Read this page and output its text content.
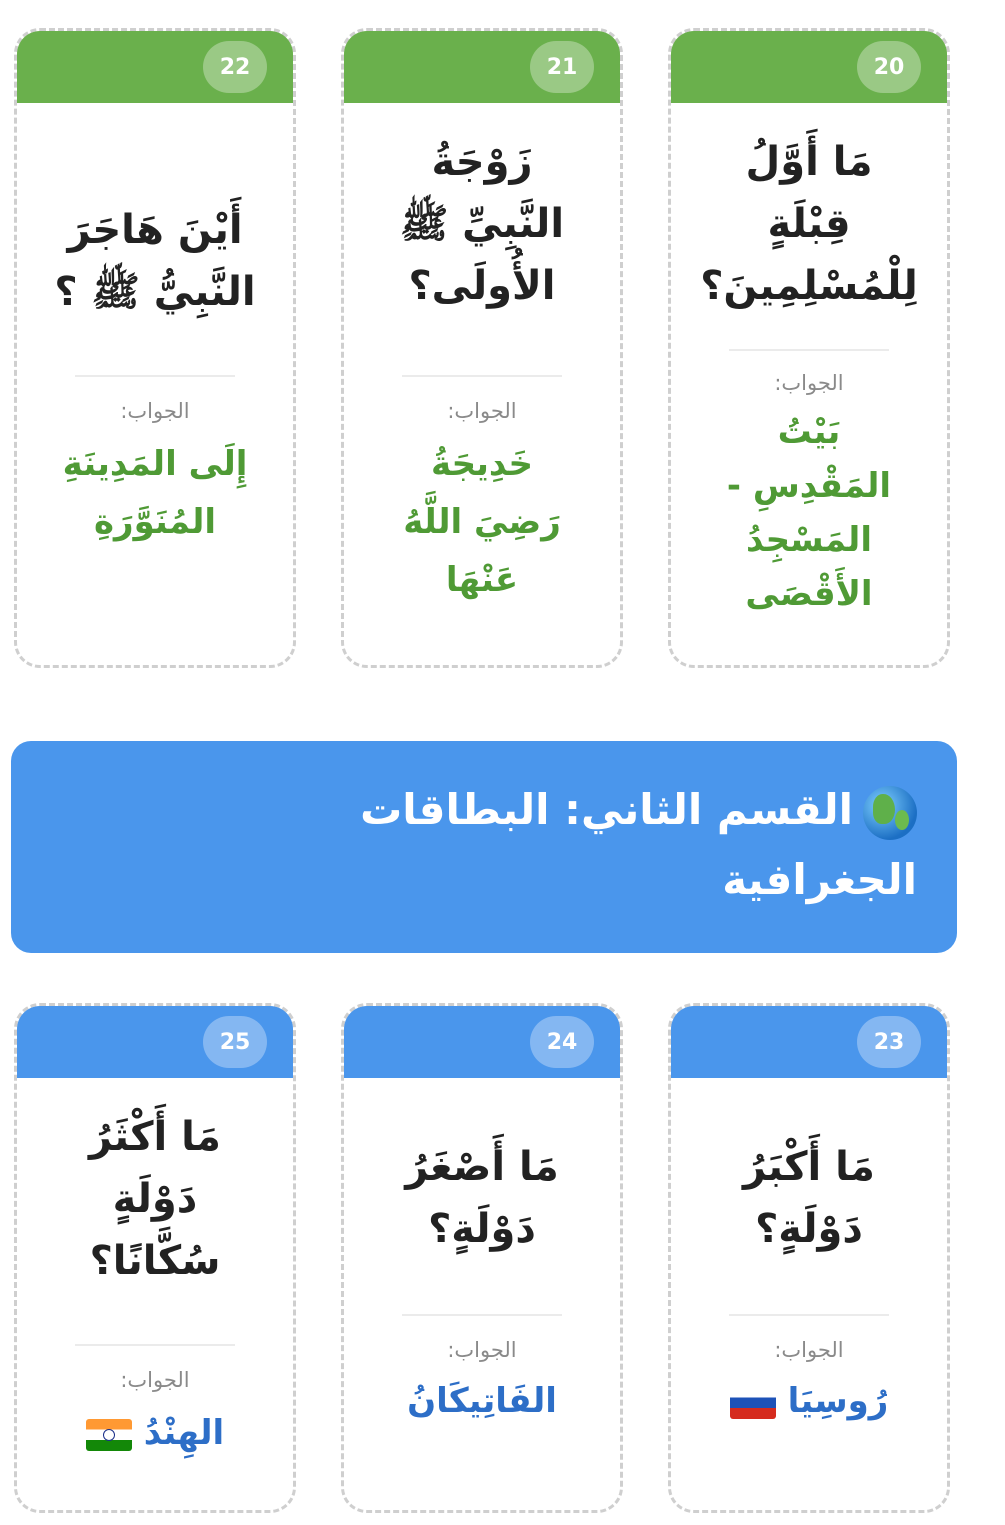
20
مَا أَوَّلُ
قِبْلَةٍ
لِلْمُسْلِمِينَ؟
الجواب:
بَيْتُ
المَقْدِسِ -
المَسْجِدُ
الأَقْصَى
21
زَوْجَةُ
النَّبِيِّ ﷺ
الأُولَى؟
الجواب:
خَدِيجَةُ
رَضِيَ اللَّهُ
عَنْهَا
22
أَيْنَ هَاجَرَ
النَّبِيُّ ﷺ ؟
الجواب:
إِلَى المَدِينَةِ
المُنَوَّرَةِ
القسم الثاني: البطاقات الجغرافية
23
مَا أَكْبَرُ
دَوْلَةٍ؟
الجواب:
رُوسِيَا
24
مَا أَصْغَرُ
دَوْلَةٍ؟
الجواب:
الفَاتِيكَانُ
25
مَا أَكْثَرُ
دَوْلَةٍ
سُكَّانًا؟
الجواب:
الهِنْدُ
